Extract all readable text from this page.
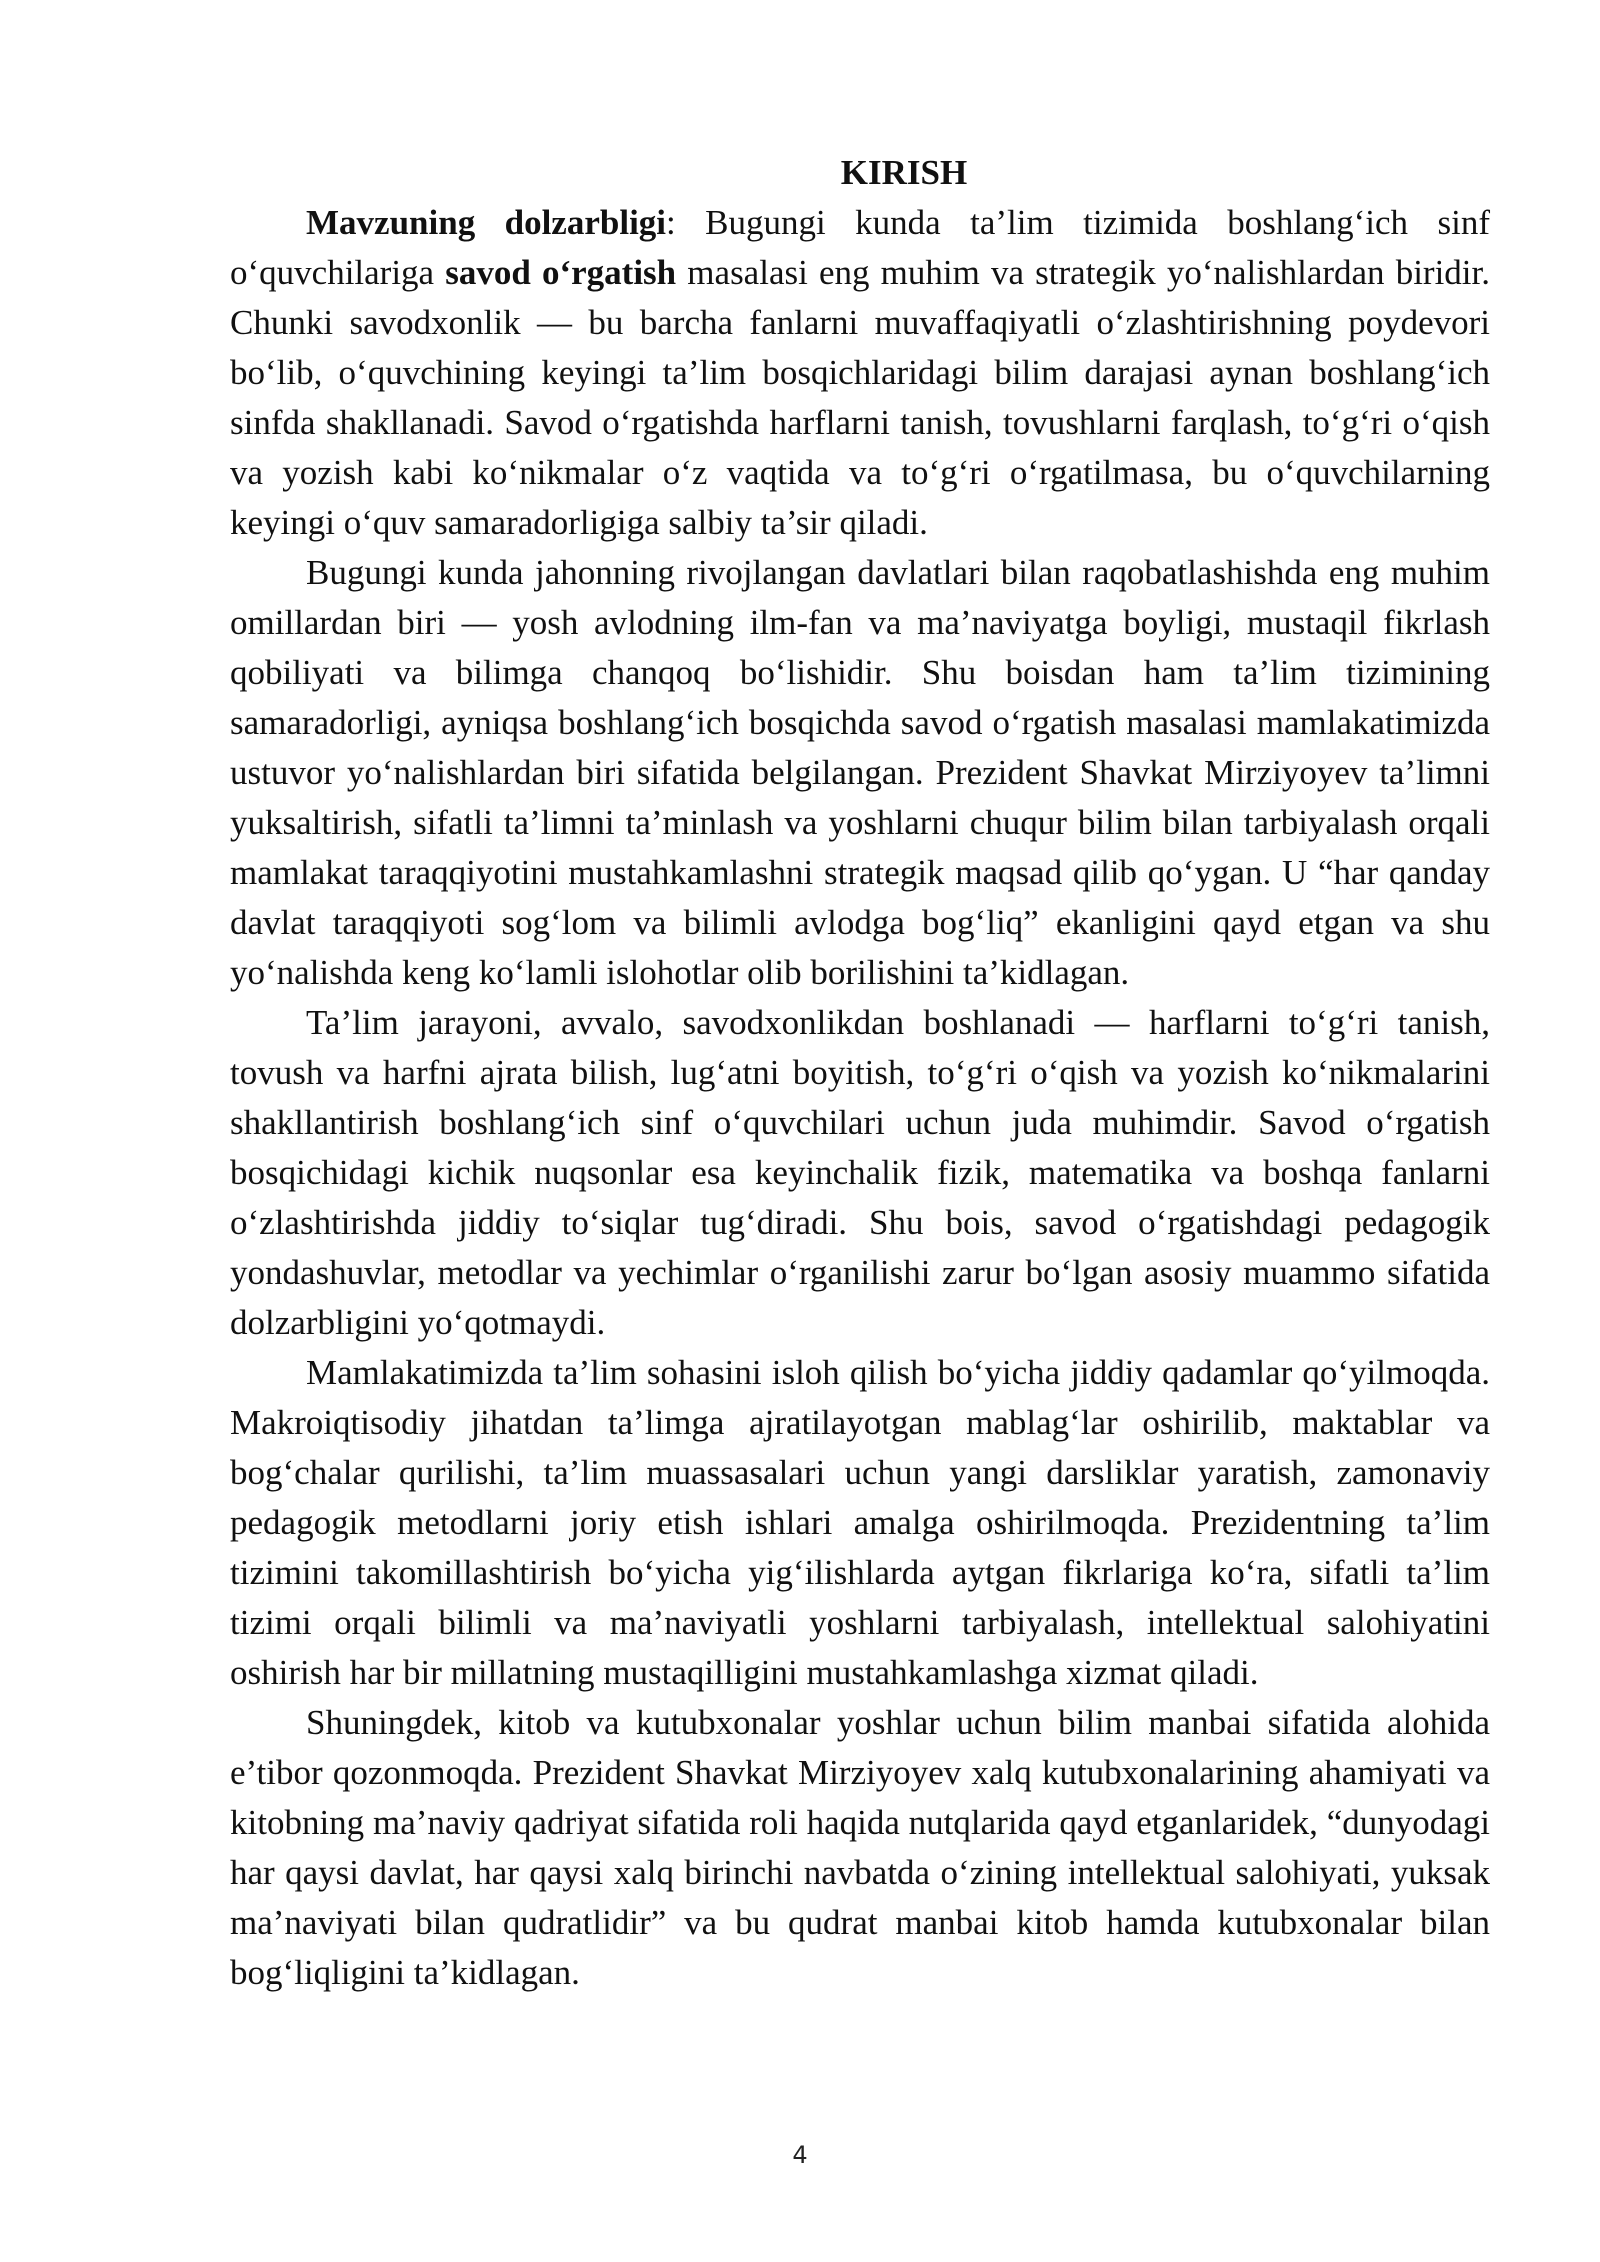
KIRISH

Mavzuning dolzarbligi: Bugungi kunda ta’lim tizimida boshlang‘ich sinf o‘quvchilariga savod o‘rgatish masalasi eng muhim va strategik yo‘nalishlardan biridir. Chunki savodxonlik — bu barcha fanlarni muvaffaqiyatli o‘zlashtirishning poydevori bo‘lib, o‘quvchining keyingi ta’lim bosqichlaridagi bilim darajasi aynan boshlang‘ich sinfda shakllanadi. Savod o‘rgatishda harflarni tanish, tovushlarni farqlash, to‘g‘ri o‘qish va yozish kabi ko‘nikmalar o‘z vaqtida va to‘g‘ri o‘rgatilmasa, bu o‘quvchilarning keyingi o‘quv samaradorligiga salbiy ta’sir qiladi.

Bugungi kunda jahonning rivojlangan davlatlari bilan raqobatlashishda eng muhim omillardan biri — yosh avlodning ilm-fan va ma’naviyatga boyligi, mustaqil fikrlash qobiliyati va bilimga chanqoq bo‘lishidir. Shu boisdan ham ta’lim tizimining samaradorligi, ayniqsa boshlang‘ich bosqichda savod o‘rgatish masalasi mamlakatimizda ustuvor yo‘nalishlardan biri sifatida belgilangan. Prezident Shavkat Mirziyoyev ta’limni yuksaltirish, sifatli ta’limni ta’minlash va yoshlarni chuqur bilim bilan tarbiyalash orqali mamlakat taraqqiyotini mustahkamlashni strategik maqsad qilib qo‘ygan. U “har qanday davlat taraqqiyoti sog‘lom va bilimli avlodga bog‘liq” ekanligini qayd etgan va shu yo‘nalishda keng ko‘lamli islohotlar olib borilishini ta’kidlagan.

Ta’lim jarayoni, avvalo, savodxonlikdan boshlanadi — harflarni to‘g‘ri tanish, tovush va harfni ajrata bilish, lug‘atni boyitish, to‘g‘ri o‘qish va yozish ko‘nikmalarini shakllantirish boshlang‘ich sinf o‘quvchilari uchun juda muhimdir. Savod o‘rgatish bosqichidagi kichik nuqsonlar esa keyinchalik fizik, matematika va boshqa fanlarni o‘zlashtirishda jiddiy to‘siqlar tug‘diradi. Shu bois, savod o‘rgatishdagi pedagogik yondashuvlar, metodlar va yechimlar o‘rganilishi zarur bo‘lgan asosiy muammo sifatida dolzarbligini yo‘qotmaydi.

Mamlakatimizda ta’lim sohasini isloh qilish bo‘yicha jiddiy qadamlar qo‘yilmoqda. Makroiqtisodiy jihatdan ta’limga ajratilayotgan mablag‘lar oshirilib, maktablar va bog‘chalar qurilishi, ta’lim muassasalari uchun yangi darsliklar yaratish, zamonaviy pedagogik metodlarni joriy etish ishlari amalga oshirilmoqda. Prezidentning ta’lim tizimini takomillashtirish bo‘yicha yig‘ilishlarda aytgan fikrlariga ko‘ra, sifatli ta’lim tizimi orqali bilimli va ma’naviyatli yoshlarni tarbiyalash, intellektual salohiyatini oshirish har bir millatning mustaqilligini mustahkamlashga xizmat qiladi.

Shuningdek, kitob va kutubxonalar yoshlar uchun bilim manbai sifatida alohida e’tibor qozonmoqda. Prezident Shavkat Mirziyoyev xalq kutubxonalarining ahamiyati va kitobning ma’naviy qadriyat sifatida roli haqida nutqlarida qayd etganlaridek, “dunyodagi har qaysi davlat, har qaysi xalq birinchi navbatda o‘zining intellektual salohiyati, yuksak ma’naviyati bilan qudratlidir” va bu qudrat manbai kitob hamda kutubxonalar bilan bog‘liqligini ta’kidlagan.

4
